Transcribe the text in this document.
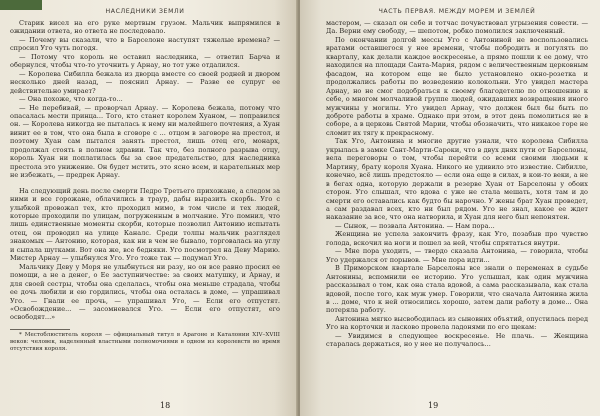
НАСЛЕДНИКИ ЗЕМЛИ

Старик висел на его руке мертвым грузом. Мальчик выпрямился в ожидании ответа, но ответа не последовало.

— Почему вы сказали, что в Барселоне наступят тяжелые времена? — спросил Уго чуть погодя.

— Потому что король не оставил наследника, — ответил Барча и обернулся, чтобы что-то уточнить у Арнау, но тот уже отдалился.

— Королева Сибилла бежала из дворца вместе со своей родней и двором несколько дней назад, — пояснил Арнау. — Разве ее супруг ее действительно умирает?

— Она похоже, что когда-то...

— Не перебивай, — проворчал Арнау. — Королева бежала, потому что опасалась мести принца... Того, кто станет королем Хуаном, — поправился он. — Королева никогда не пыталась к нему ни малейшего почтения, а Хуан винит ее в том, что она была в сговоре с ... отцом в заговоре на престол, и поэтому Хуан сам пытался занять престол, лишь отец его, монарх, продолжал стоять в полном здравии. Так что, без полного разрыва отцу, король Хуан ни поплатилась бы за свое предательство, для наследника престола это унижение. Он будет мстить, это ясно всем, и карательных мер не избежать, — предрек Арнау.

На следующий день после смерти Педро Третьего прихожане, а следом за ними и все горожане, облачились в траур, дабы выразить скорбь. Уго с улыбкой провожал тех, кто проходил мимо, в том числе и тех людей, которые проходили по улицам, погруженным в молчание. Уго помнил, что лишь единственные моменты скорби, которые позволил Антонию испытать отец, он проводил на улице Каналс. Среди толпы мальчик разглядел знакомых — Антонию, которая, как ни в чем не бывало, торговалась на углу и сыпала шутками. Вот она же, все бедняки. Уго посмотрел на Деву Марию. Мистер Арнау — улыбнулся Уго. Уго тоже так — подумал Уго.

Мальчику Деву у Моря не улыбнуться ни разу, но он все равно просил ее помощи, а не а денег, о Ее заступничестве: за своих матушку, и Арнау, и для своей сестры, чтобы она сделалась, чтобы она меньше страдала, чтобы ее дочь любили и ею гордились, чтобы она осталась в доме, — упрашивал Уго. — Гнали ее прочь, — упрашивал Уго, — Если его отпустят. «Освобождение... — засомневался Уго. — Если его отпустят, его освободят...»

* Местоблюститель короля — официальный титул в Арагоне и Каталонии XIV–XVIII веков: человек, наделенный властными полномочиями в одном из королевств во время отсутствия короля.
18
ЧАСТЬ ПЕРВАЯ. МЕЖДУ МОРЕМ И ЗЕМЛЕЙ

мастером, — сказал он себе и тотчас почувствовал угрызения совести. — Да. Верни ему свободу, — шепотом, робко помолился заключенный.

По окончании долгой мессы Уго с Антониной не воспользовались вратами оставшегося у нее времени, чтобы побродить и погулять по кварталу, как делали каждое воскресенье, а прямо пошли к ее дому, что находился на площади Санта-Мария, рядом с величественным церковным фасадом, на котором еще не было установлено окно-розетка и продолжались работы по возведению колокольни. Уго увидел мастера Арнау, но не смог подобраться к своему благодетелю по отношению к себе, о многом молчаливой группе людей, ожидавших возвращения иного мужчины у могилы. Уго увидел Арнау, что должен был бы быть по доброте работы в храме. Однако при этом, в этот день помолиться не в соборе, а в церковь Святой Марии, чтобы обозначить, что никакое горе не сломит их тягу к прекрасному.

Так Уго, Антонина и многие другие узнали, что королева Сибилла укрылась в замке Сант-Марти-Сароки, что в двух днях пути от Барселоны, вела переговоры о том, чтобы перейти со всеми своими людьми к Мартину, брату короля Хуана. Никого не удивило это известие. Сибилле, конечно, всё лишь предстояло — если она еще в силах, в кои-то веки, а не в бегах одна, которую держали в резерве Хуан от Барселоны у обоих сторон. Уго слышал, что вдова с уже не стала мешать, хотя там и до смерти его оставались как будто бы нарочно. У жены брат Хуан проведет, а сам раздавал всех, кто ни был рядом. Уго не знал, какое ее ждет наказание за все, что она натворила, и Хуан для него был непонятен.

— Сынок, — позвала Антонина. — Нам пора...

Женщина не успела закончить фразу, как Уго, позабыв про чувство голода, вскочил на ноги и пошел за ней, чтобы спрятаться внутри.

— Мне пора уходить, — твердо сказала Антонина, — говорила, чтобы Уго удержался от порывов. — Мне пора идти...

В Приморском квартале Барселоны все знали о переменах в судьбе Антонины, вспомнили ее историю. Уго услышал, как один мужчина рассказывал о том, как она стала вдовой, а сама рассказывала, как стала вдовой, после того, как муж умер. Говорили, что сначала Антонина жила в ... доме, что к ней относились хорошо, затем дали работу в доме... Она потеряла работу.

Антонина мягко высвободилась из сыновних объятий, опустилась перед Уго на корточки и ласково провела ладонями по его щекам:

— Увидимся в следующее воскресенье. Не плачь. — Женщина старалась держаться, но у нее не получалось...

19
